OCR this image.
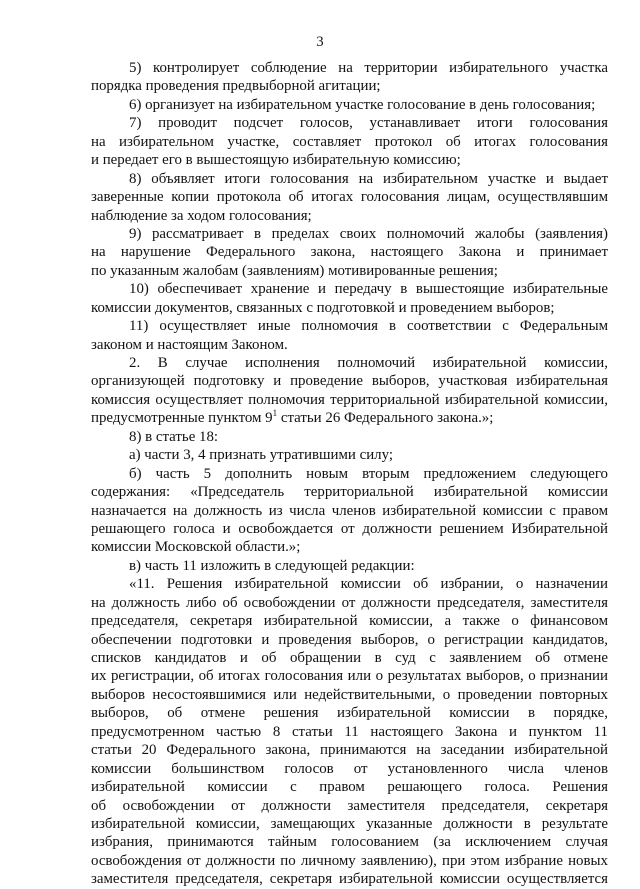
3
5) контролирует соблюдение на территории избирательного участка
порядка проведения предвыборной агитации;
6) организует на избирательном участке голосование в день голосования;
7) проводит подсчет голосов, устанавливает итоги голосования
на избирательном участке, составляет протокол об итогах голосования
и передает его в вышестоящую избирательную комиссию;
8) объявляет итоги голосования на избирательном участке и выдает
заверенные копии протокола об итогах голосования лицам, осуществлявшим
наблюдение за ходом голосования;
9) рассматривает в пределах своих полномочий жалобы (заявления)
на нарушение Федерального закона, настоящего Закона и принимает
по указанным жалобам (заявлениям) мотивированные решения;
10) обеспечивает хранение и передачу в вышестоящие избирательные
комиссии документов, связанных с подготовкой и проведением выборов;
11) осуществляет иные полномочия в соответствии с Федеральным
законом и настоящим Законом.
2. В случае исполнения полномочий избирательной комиссии,
организующей подготовку и проведение выборов, участковая избирательная
комиссия осуществляет полномочия территориальной избирательной комиссии,
предусмотренные пунктом $9^1$ статьи 26 Федерального закона.»;
8) в статье 18:
а) части 3, 4 признать утратившими силу;
б) часть 5 дополнить новым вторым предложением следующего
содержания: «Председатель территориальной избирательной комиссии
назначается на должность из числа членов избирательной комиссии с правом
решающего голоса и освобождается от должности решением Избирательной
комиссии Московской области.»;
в) часть 11 изложить в следующей редакции:
«11. Решения избирательной комиссии об избрании, о назначении
на должность либо об освобождении от должности председателя, заместителя
председателя, секретаря избирательной комиссии, а также о финансовом
обеспечении подготовки и проведения выборов, о регистрации кандидатов,
списков кандидатов и об обращении в суд с заявлением об отмене
их регистрации, об итогах голосования или о результатах выборов, о признании
выборов несостоявшимися или недействительными, о проведении повторных
выборов, об отмене решения избирательной комиссии в порядке,
предусмотренном частью 8 статьи 11 настоящего Закона и пунктом 11
статьи 20 Федерального закона, принимаются на заседании избирательной
комиссии большинством голосов от установленного числа членов
избирательной комиссии с правом решающего голоса. Решения
об освобождении от должности заместителя председателя, секретаря
избирательной комиссии, замещающих указанные должности в результате
избрания, принимаются тайным голосованием (за исключением случая
освобождения от должности по личному заявлению), при этом избрание новых
заместителя председателя, секретаря избирательной комиссии осуществляется
